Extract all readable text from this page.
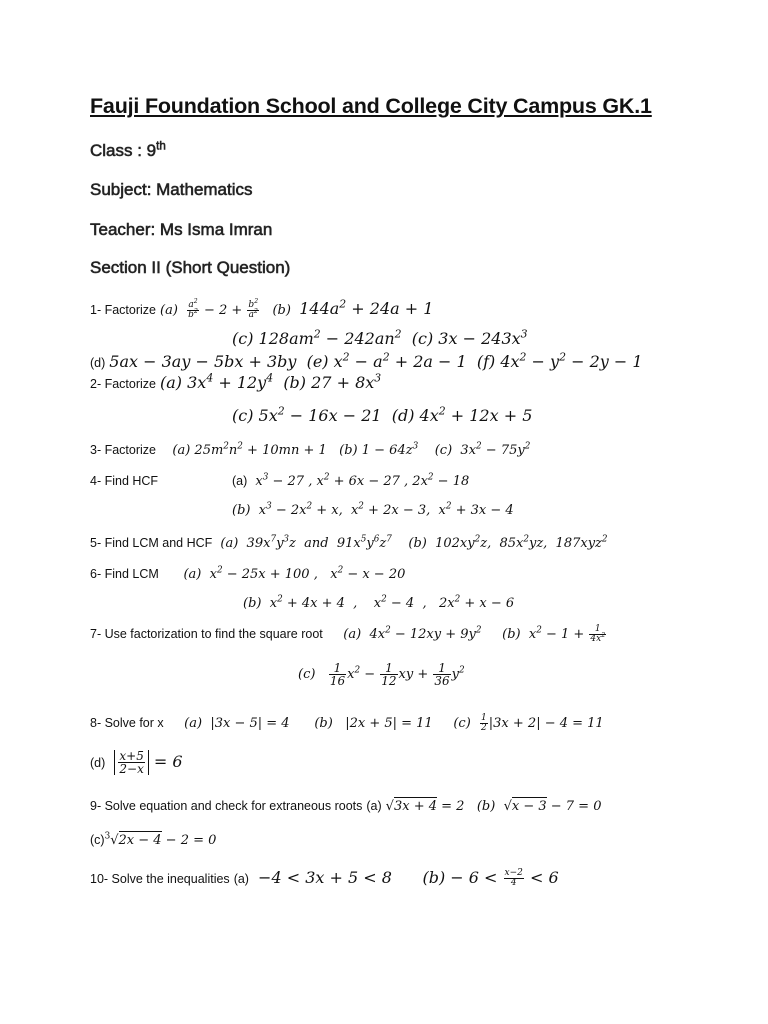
Fauji Foundation School and College City Campus GK.1
Class : 9th
Subject: Mathematics
Teacher: Ms Isma Imran
Section II (Short Question)
1- Factorize $(a) \frac{a^2}{b^2} - 2 + \frac{b^2}{a^2} (b) 144a^2 + 24a + 1$
(c) $128am^2 - 242an^2$  (c) $3x - 243x^3$
(d) 5ax − 3ay − 5bx + 3by  (e) $x^2 - a^2 + 2a - 1$  (f) $4x^2 - y^2 - 2y - 1$
2- Factorize (a) $3x^4 + 12y^4$  (b) $27 + 8x^3$
(c) $5x^2 - 16x - 21$  (d) $4x^2 + 12x + 5$
3- Factorize    (a) $25m^2n^2 + 10mn + 1$   (b) $1 - 64z^3$    (c)  $3x^2 - 75y^2$
4- Find HCF	(a)  $x^3 - 27$ , $x^2 + 6x - 27$ , $2x^2 - 18$
(b)  $x^3 - 2x^2 + x$,  $x^2 + 2x - 3$,  $x^2 + 3x - 4$
5- Find LCM and HCF  (a)  $39x^7y^3z$  and  $91x^5y^6z^7$    (b)  $102xy^2z$,  $85x^2yz$,  187xyz$^2$
6- Find LCM      (a)  $x^2 - 25x + 100$ ,   $x^2 - x - 20$
(b)  $x^2 + 4x + 4$  ,    $x^2 - 4$  ,   $2x^2 + x - 6$
7- Use factorization to find the square root     (a)  $4x^2 - 12xy + 9y^2$     (b)  $x^2 - 1 + \frac{1}{4x^2}$
$(c) \frac{1}{16} x^2 - \frac{1}{12}$ xy + $\frac{1}{36} y^2$
8- Solve for x     (a)  |3x − 5| = 4      (b)   |2x + 5| = 11     $(c) \frac{1}{2} |3x + 2| - 4 = 11$
$(d) \frac{x+5}{2-x} = 6$
9- Solve equation and check for extraneous roots (a) √3x + 4 = 2   (b)  √x − 3 − 7 = 0
$(c)^3√2x - 4 - 2 = 0$
10- Solve the inequalities (a)  −4 < 3x + 5 < 8      $(b) - 6 < \frac{x-2}{4} < 6$
